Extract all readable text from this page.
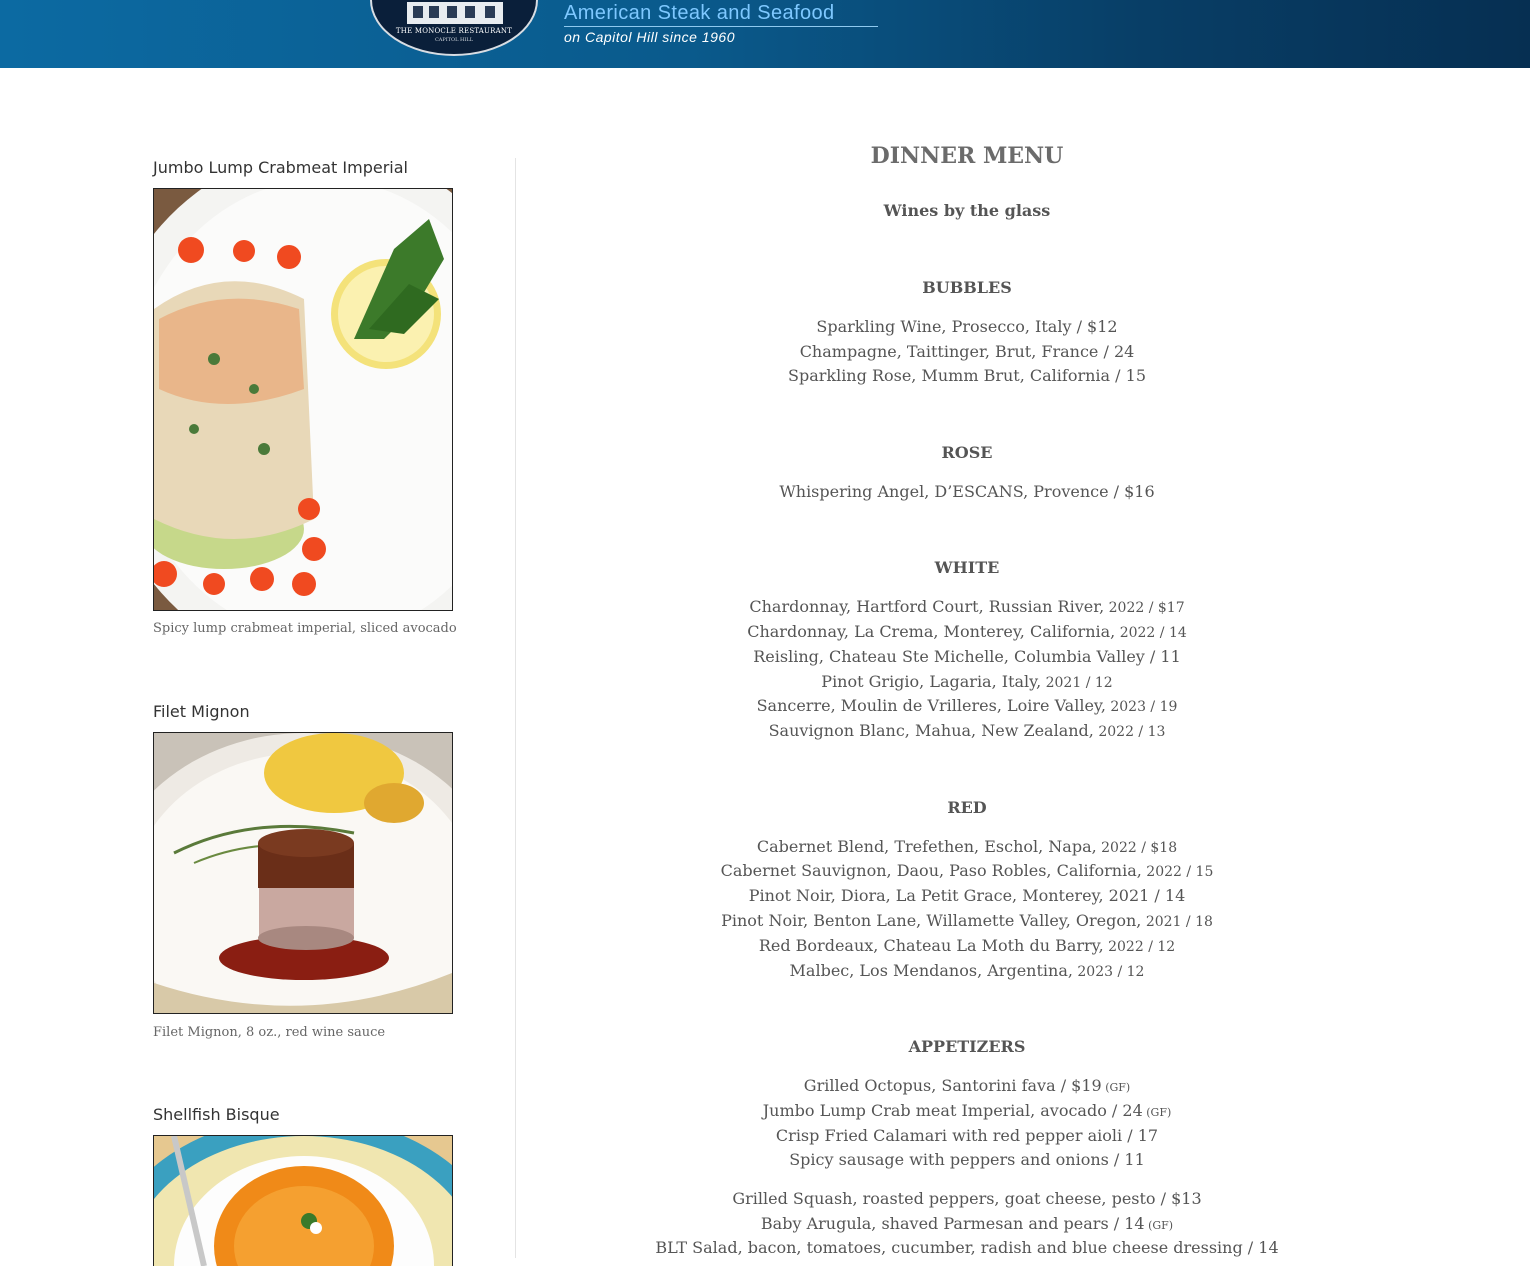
THE MONOCLE RESTAURANT
CAPITOL HILL
American Steak and Seafood
on Capitol Hill since 1960
Jumbo Lump Crabmeat Imperial
Spicy lump crabmeat imperial, sliced avocado
Filet Mignon
Filet Mignon, 8 oz., red wine sauce
Shellfish Bisque
DINNER MENU
Wines by the glass
BUBBLES
Sparkling Wine, Prosecco, Italy / $12
Champagne, Taittinger, Brut, France / 24
Sparkling Rose, Mumm Brut, California / 15
ROSE
Whispering Angel, D’ESCANS, Provence / $16
WHITE
Chardonnay, Hartford Court, Russian River, 2022 / $17
Chardonnay, La Crema, Monterey, California, 2022 / 14
Reisling, Chateau Ste Michelle, Columbia Valley / 11
Pinot Grigio, Lagaria, Italy, 2021 / 12
Sancerre, Moulin de Vrilleres, Loire Valley, 2023 / 19
Sauvignon Blanc, Mahua, New Zealand, 2022 / 13
RED
Cabernet Blend, Trefethen, Eschol, Napa, 2022 / $18
Cabernet Sauvignon, Daou, Paso Robles, California, 2022 / 15
Pinot Noir, Diora, La Petit Grace, Monterey, 2021 / 14
Pinot Noir, Benton Lane, Willamette Valley, Oregon, 2021 / 18
Red Bordeaux, Chateau La Moth du Barry, 2022 / 12
Malbec, Los Mendanos, Argentina, 2023 / 12
APPETIZERS
Grilled Octopus, Santorini fava / $19 (GF)
Jumbo Lump Crab meat Imperial, avocado / 24 (GF)
Crisp Fried Calamari with red pepper aioli / 17
Spicy sausage with peppers and onions / 11
Grilled Squash, roasted peppers, goat cheese, pesto / $13
Baby Arugula, shaved Parmesan and pears / 14 (GF)
BLT Salad, bacon, tomatoes, cucumber, radish and blue cheese dressing / 14
